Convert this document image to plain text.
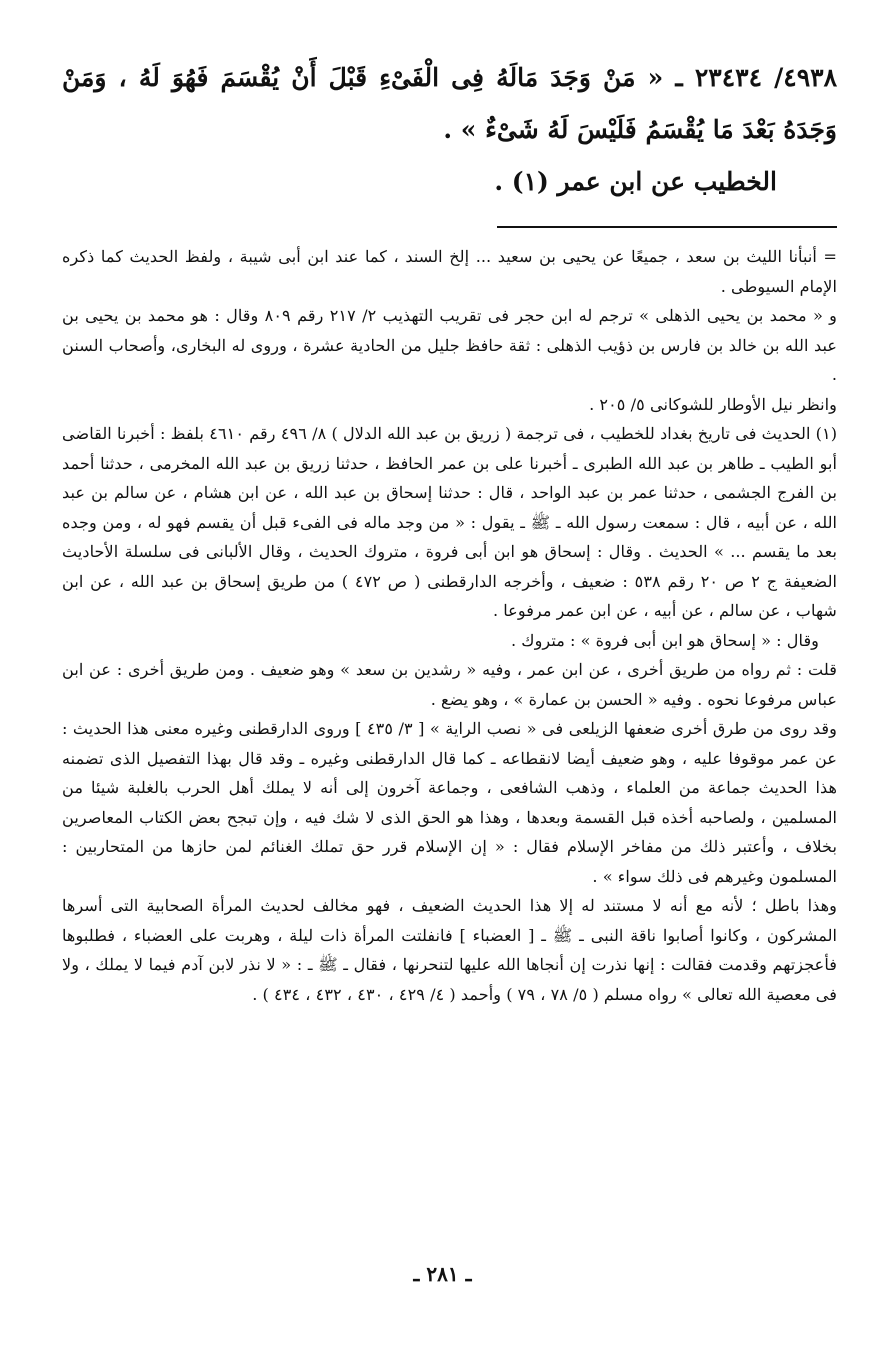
٤٩٣٨/ ٢٣٤٣٤ ـ « مَنْ وَجَدَ مَالَهُ فِى الْفَىْءِ قَبْلَ أَنْ يُقْسَمَ فَهُوَ لَهُ ، وَمَنْ وَجَدَهُ بَعْدَ مَا يُقْسَمُ فَلَيْسَ لَهُ شَىْءٌ » .

الخطيب عن ابن عمر (١) .

= أنبأنا الليث بن سعد ، جميعًا عن يحيى بن سعيد ... إلخ السند ، كما عند ابن أبى شيبة ، ولفظ الحديث كما ذكره الإمام السيوطى .

و « محمد بن يحيى الذهلى » ترجم له ابن حجر فى تقريب التهذيب ٢/ ٢١٧ رقم ٨٠٩ وقال : هو محمد بن يحيى بن عبد الله بن خالد بن فارس بن ذؤيب الذهلى : ثقة حافظ جليل من الحادية عشرة ، وروى له البخارى، وأصحاب السنن .

وانظر نيل الأوطار للشوكانى ٥/ ٢٠٥ .

(١) الحديث فى تاريخ بغداد للخطيب ، فى ترجمة ( زريق بن عبد الله الدلال ) ٨/ ٤٩٦ رقم ٤٦١٠ بلفظ : أخبرنا القاضى أبو الطيب ـ طاهر بن عبد الله الطبرى ـ أخبرنا على بن عمر الحافظ ، حدثنا زريق بن عبد الله المخرمى ، حدثنا أحمد بن الفرج الجشمى ، حدثنا عمر بن عبد الواحد ، قال : حدثنا إسحاق بن عبد الله ، عن ابن هشام ، عن سالم بن عبد الله ، عن أبيه ، قال : سمعت رسول الله ـ ﷺ ـ يقول : « من وجد ماله فى الفىء قبل أن يقسم فهو له ، ومن وجده بعد ما يقسم ... » الحديث . وقال : إسحاق هو ابن أبى فروة ، متروك الحديث ، وقال الألبانى فى سلسلة الأحاديث الضعيفة ج ٢ ص ٢٠ رقم ٥٣٨ : ضعيف ، وأخرجه الدارقطنى ( ص ٤٧٢ ) من طريق إسحاق بن عبد الله ، عن ابن شهاب ، عن سالم ، عن أبيه ، عن ابن عمر مرفوعا .

وقال : « إسحاق هو ابن أبى فروة » : متروك .

قلت : ثم رواه من طريق أخرى ، عن ابن عمر ، وفيه « رشدين بن سعد » وهو ضعيف . ومن طريق أخرى : عن ابن عباس مرفوعا نحوه . وفيه « الحسن بن عمارة » ، وهو يضع .

وقد روى من طرق أخرى ضعفها الزيلعى فى « نصب الراية » [ ٣/ ٤٣٥ ] وروى الدارقطنى وغيره معنى هذا الحديث : عن عمر موقوفا عليه ، وهو ضعيف أيضا لانقطاعه ـ كما قال الدارقطنى وغيره ـ وقد قال بهذا التفصيل الذى تضمنه هذا الحديث جماعة من العلماء ، وذهب الشافعى ، وجماعة آخرون إلى أنه لا يملك أهل الحرب بالغلبة شيئا من المسلمين ، ولصاحبه أخذه قبل القسمة وبعدها ، وهذا هو الحق الذى لا شك فيه ، وإن تبجح بعض الكتاب المعاصرين بخلاف ، وأعتبر ذلك من مفاخر الإسلام فقال : « إن الإسلام قرر حق تملك الغنائم لمن حازها من المتحاربين : المسلمون وغيرهم فى ذلك سواء » .

وهذا باطل ؛ لأنه مع أنه لا مستند له إلا هذا الحديث الضعيف ، فهو مخالف لحديث المرأة الصحابية التى أسرها المشركون ، وكانوا أصابوا ناقة النبى ـ ﷺ ـ [ العضباء ] فانفلتت المرأة ذات ليلة ، وهربت على العضباء ، فطلبوها فأعجزتهم وقدمت فقالت : إنها نذرت إن أنجاها الله عليها لتنحرنها ، فقال ـ ﷺ ـ : « لا نذر لابن آدم فيما لا يملك ، ولا فى معصية الله تعالى » رواه مسلم ( ٥/ ٧٨ ، ٧٩ ) وأحمد ( ٤/ ٤٢٩ ، ٤٣٠ ، ٤٣٢ ، ٤٣٤ ) .

ـ ٢٨١ ـ
